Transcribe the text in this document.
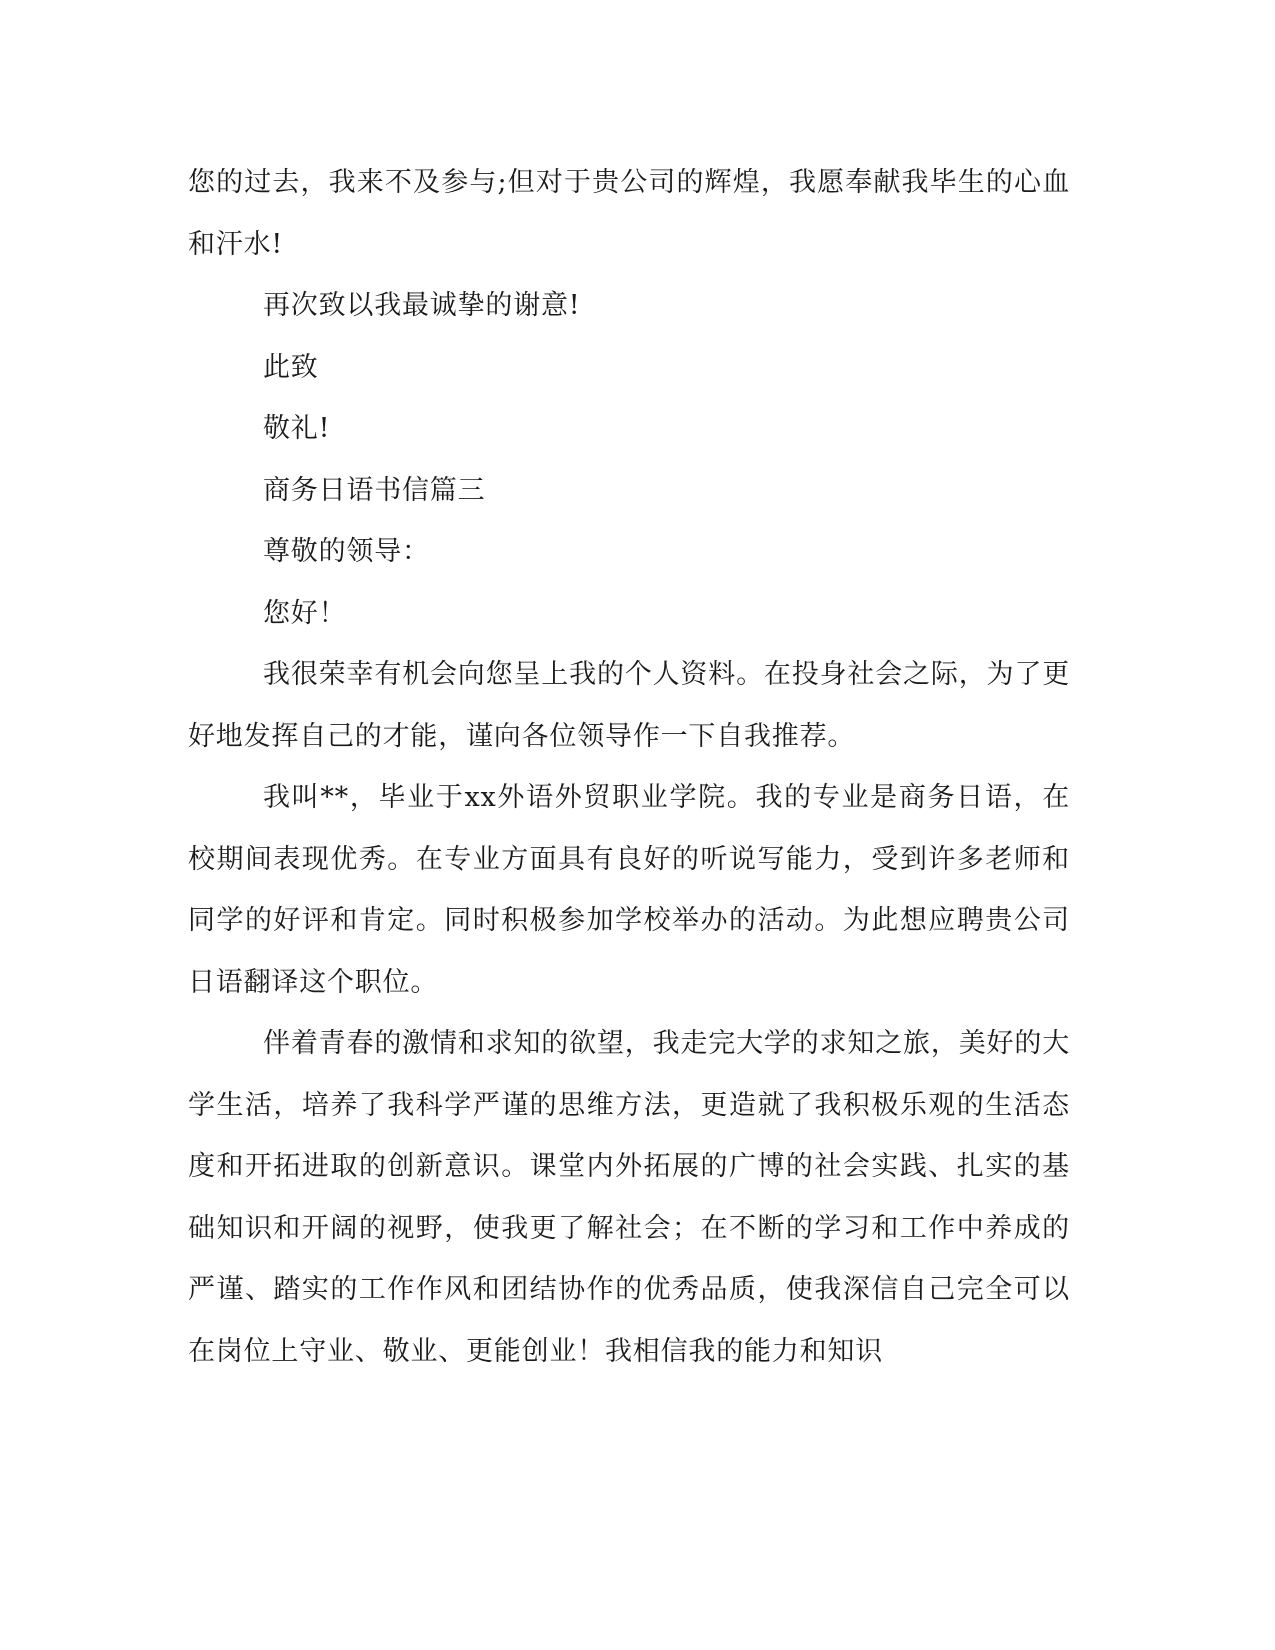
您的过去，我来不及参与;但对于贵公司的辉煌，我愿奉献我毕生的心血和汗水!

再次致以我最诚挚的谢意!

此致

敬礼!

商务日语书信篇三

尊敬的领导：

您好！

我很荣幸有机会向您呈上我的个人资料。在投身社会之际，为了更好地发挥自己的才能，谨向各位领导作一下自我推荐。

我叫**，毕业于xx外语外贸职业学院。我的专业是商务日语，在校期间表现优秀。在专业方面具有良好的听说写能力，受到许多老师和同学的好评和肯定。同时积极参加学校举办的活动。为此想应聘贵公司日语翻译这个职位。

伴着青春的激情和求知的欲望，我走完大学的求知之旅，美好的大学生活，培养了我科学严谨的思维方法，更造就了我积极乐观的生活态度和开拓进取的创新意识。课堂内外拓展的广博的社会实践、扎实的基础知识和开阔的视野，使我更了解社会；在不断的学习和工作中养成的严谨、踏实的工作作风和团结协作的优秀品质，使我深信自己完全可以在岗位上守业、敬业、更能创业！我相信我的能力和知识
